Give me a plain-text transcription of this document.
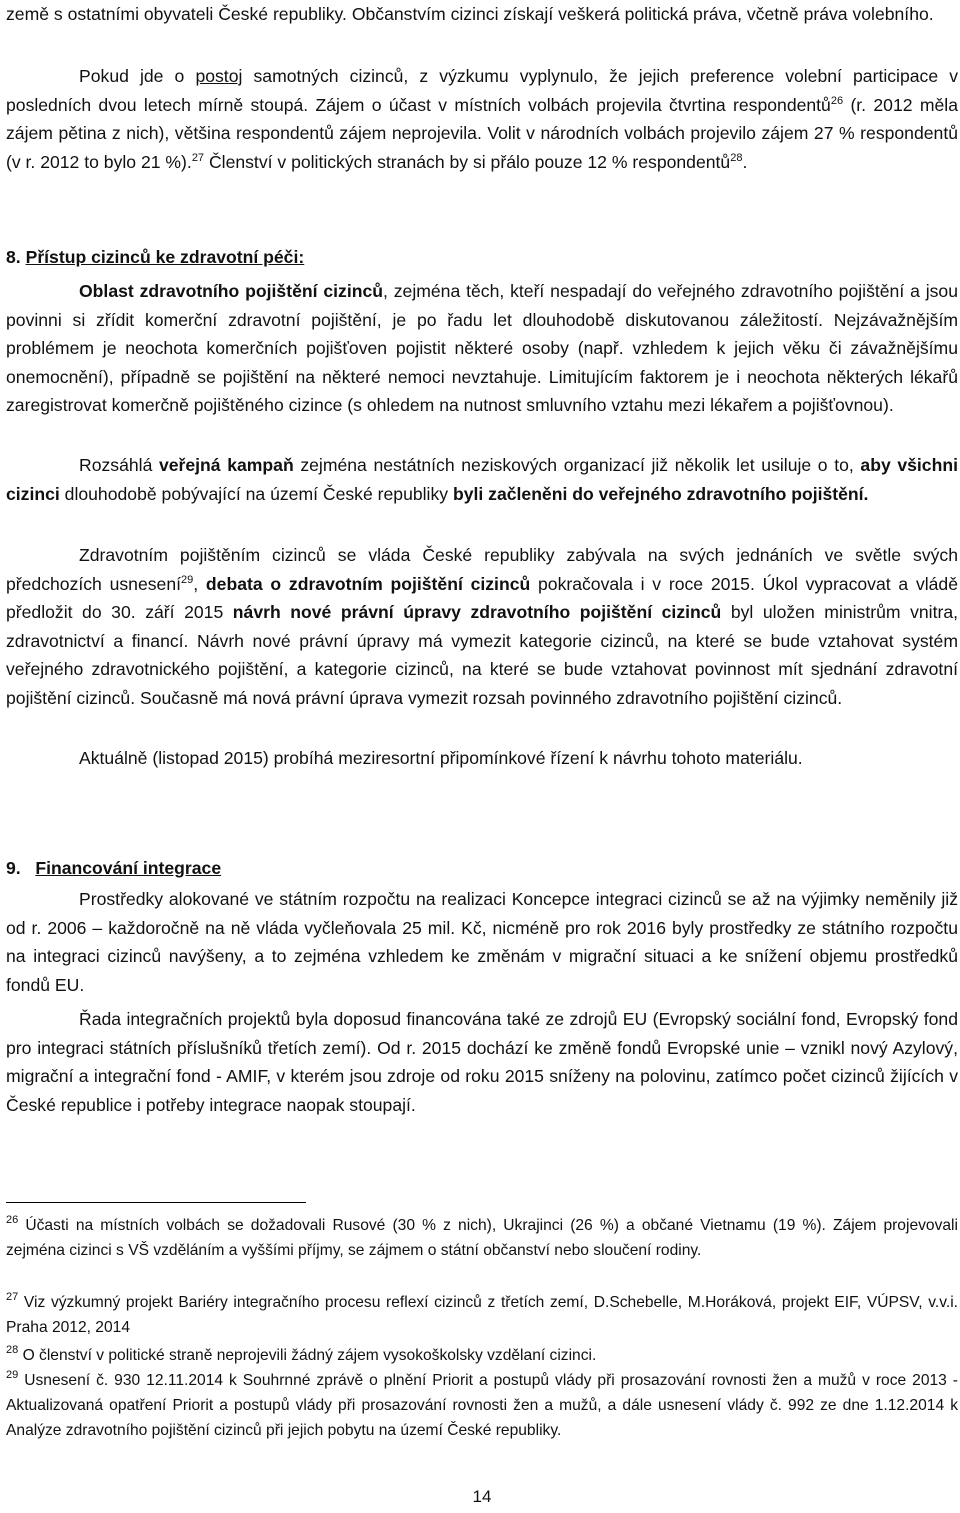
země s ostatními obyvateli České republiky. Občanstvím cizinci získají veškerá politická práva, včetně práva volebního.
Pokud jde o postoj samotných cizinců, z výzkumu vyplynulo, že jejich preference volební participace v posledních dvou letech mírně stoupá. Zájem o účast v místních volbách projevila čtvrtina respondentů$^{26}$ (r. 2012 měla zájem pětina z nich), většina respondentů zájem neprojevila. Volit v národních volbách projevilo zájem 27 % respondentů (v r. 2012 to bylo 21 %).$^{27}$ Členství v politických stranách by si přálo pouze 12 % respondentů$^{28}$.
8. Přístup cizinců ke zdravotní péči:
Oblast zdravotního pojištění cizinců, zejména těch, kteří nespadají do veřejného zdravotního pojištění a jsou povinni si zřídit komerční zdravotní pojištění, je po řadu let dlouhodobě diskutovanou záležitostí. Nejzávažnějším problémem je neochota komerčních pojišťoven pojistit některé osoby (např. vzhledem k jejich věku či závažnějšímu onemocnění), případně se pojištění na některé nemoci nevztahuje. Limitujícím faktorem je i neochota některých lékařů zaregistrovat komerčně pojištěného cizince (s ohledem na nutnost smluvního vztahu mezi lékařem a pojišťovnou).
Rozsáhlá veřejná kampaň zejména nestátních neziskových organizací již několik let usiluje o to, aby všichni cizinci dlouhodobě pobývající na území České republiky byli začleněni do veřejného zdravotního pojištění.
Zdravotním pojištěním cizinců se vláda České republiky zabývala na svých jednáních ve světle svých předchozích usnesení$^{29}$, debata o zdravotním pojištění cizinců pokračovala i v roce 2015. Úkol vypracovat a vládě předložit do 30. září 2015 návrh nové právní úpravy zdravotního pojištění cizinců byl uložen ministrům vnitra, zdravotnictví a financí. Návrh nové právní úpravy má vymezit kategorie cizinců, na které se bude vztahovat systém veřejného zdravotnického pojištění, a kategorie cizinců, na které se bude vztahovat povinnost mít sjednání zdravotní pojištění cizinců. Současně má nová právní úprava vymezit rozsah povinného zdravotního pojištění cizinců.
Aktuálně (listopad 2015) probíhá meziresortní připomínkové řízení k návrhu tohoto materiálu.
9. Financování integrace
Prostředky alokované ve státním rozpočtu na realizaci Koncepce integraci cizinců se až na výjimky neměnily již od r. 2006 – každoročně na ně vláda vyčleňovala 25 mil. Kč, nicméně pro rok 2016 byly prostředky ze státního rozpočtu na integraci cizinců navýšeny, a to zejména vzhledem ke změnám v migrační situaci a ke snížení objemu prostředků fondů EU.
Řada integračních projektů byla doposud financována také ze zdrojů EU (Evropský sociální fond, Evropský fond pro integraci státních příslušníků třetích zemí). Od r. 2015 dochází ke změně fondů Evropské unie – vznikl nový Azylový, migrační a integrační fond - AMIF, v kterém jsou zdroje od roku 2015 sníženy na polovinu, zatímco počet cizinců žijících v České republice i potřeby integrace naopak stoupají.
$^{26}$ Účasti na místních volbách se dožadovali Rusové (30 % z nich), Ukrajinci (26 %) a občané Vietnamu (19 %). Zájem projevovali zejména cizinci s VŠ vzděláním a vyššími příjmy, se zájmem o státní občanství nebo sloučení rodiny.
$^{27}$ Viz výzkumný projekt Bariéry integračního procesu reflexí cizinců z třetích zemí, D.Schebelle, M.Horáková, projekt EIF, VÚPSV, v.v.i. Praha 2012, 2014
$^{28}$ O členství v politické straně neprojevili žádný zájem vysokoškolsky vzdělaní cizinci.
$^{29}$ Usnesení č. 930 12.11.2014 k Souhrnné zprávě o plnění Priorit a postupů vlády při prosazování rovnosti žen a mužů v roce 2013 - Aktualizovaná opatření Priorit a postupů vlády při prosazování rovnosti žen a mužů, a dále usnesení vlády č. 992 ze dne 1.12.2014 k Analýze zdravotního pojištění cizinců při jejich pobytu na území České republiky.
14
